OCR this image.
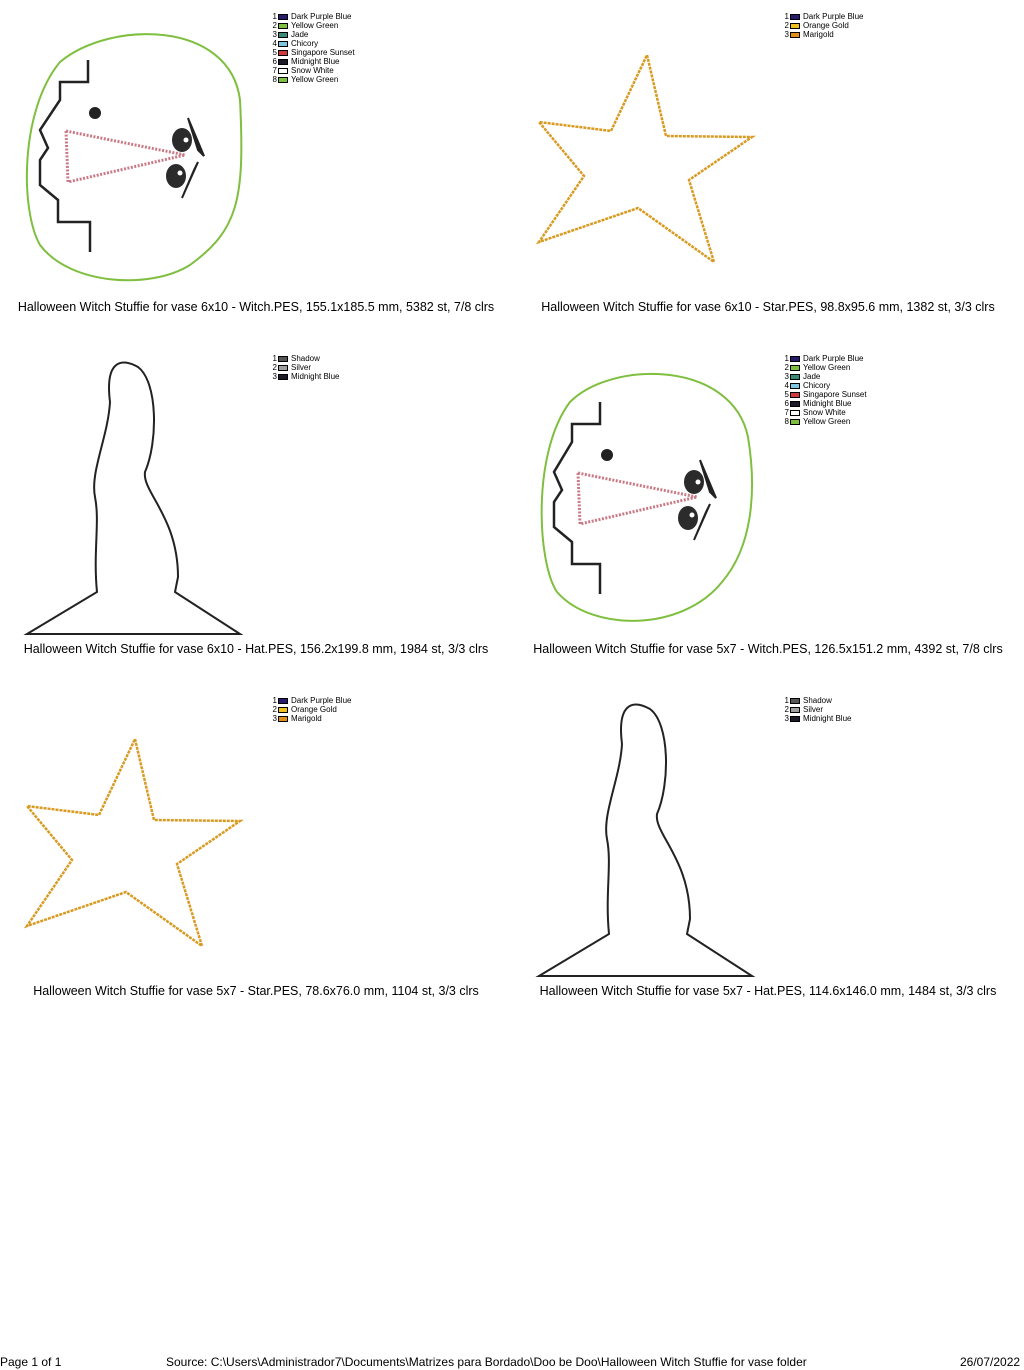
1 Dark Purple Blue
2 Yellow Green
3 Jade
4 Chicory
5 Singapore Sunset
6 Midnight Blue
7 Snow White
8 Yellow Green
Halloween Witch Stuffie for vase 6x10 - Witch.PES, 155.1x185.5 mm, 5382 st, 7/8 clrs
1 Dark Purple Blue
2 Orange Gold
3 Marigold
Halloween Witch Stuffie for vase 6x10 - Star.PES, 98.8x95.6 mm, 1382 st, 3/3 clrs
1 Shadow
2 Silver
3 Midnight Blue
Halloween Witch Stuffie for vase 6x10 - Hat.PES, 156.2x199.8 mm, 1984 st, 3/3 clrs
1 Dark Purple Blue
2 Yellow Green
3 Jade
4 Chicory
5 Singapore Sunset
6 Midnight Blue
7 Snow White
8 Yellow Green
Halloween Witch Stuffie for vase 5x7 - Witch.PES, 126.5x151.2 mm, 4392 st, 7/8 clrs
1 Dark Purple Blue
2 Orange Gold
3 Marigold
Halloween Witch Stuffie for vase 5x7 - Star.PES, 78.6x76.0 mm, 1104 st, 3/3 clrs
1 Shadow
2 Silver
3 Midnight Blue
Halloween Witch Stuffie for vase 5x7 - Hat.PES, 114.6x146.0 mm, 1484 st, 3/3 clrs
Page 1 of 1	Source: C:\Users\Administrador7\Documents\Matrizes para Bordado\Doo be Doo\Halloween Witch Stuffie for vase folder	26/07/2022
